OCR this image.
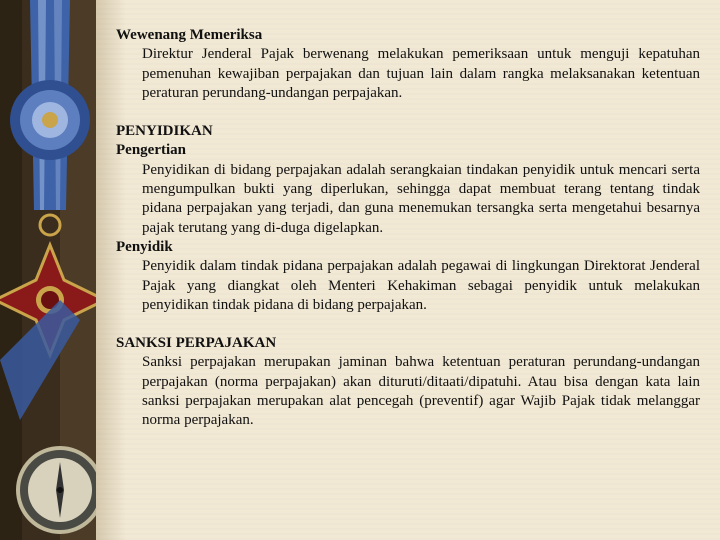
Wewenang Memeriksa

Direktur Jenderal Pajak berwenang melakukan pemeriksaan untuk menguji kepatuhan pemenuhan kewajiban perpajakan dan tujuan lain dalam rangka melaksanakan ketentuan peraturan perundang-undangan perpajakan.

PENYIDIKAN

Pengertian

Penyidikan di bidang perpajakan adalah serangkaian tindakan penyidik untuk mencari serta mengumpulkan bukti yang diperlukan, sehingga dapat membuat terang tentang tindak pidana perpajakan yang terjadi, dan guna menemukan tersangka serta mengetahui besarnya pajak terutang yang di-duga digelapkan.

Penyidik

Penyidik dalam tindak pidana perpajakan adalah pegawai di lingkungan Direktorat Jenderal Pajak yang diangkat oleh Menteri Kehakiman sebagai penyidik untuk melakukan penyidikan tindak pidana di bidang perpajakan.

SANKSI PERPAJAKAN

Sanksi perpajakan merupakan jaminan bahwa ketentuan peraturan perundang-undangan perpajakan (norma perpajakan) akan dituruti/ditaati/dipatuhi. Atau bisa dengan kata lain sanksi perpajakan merupakan alat pencegah (preventif) agar Wajib Pajak tidak melanggar norma perpajakan.
